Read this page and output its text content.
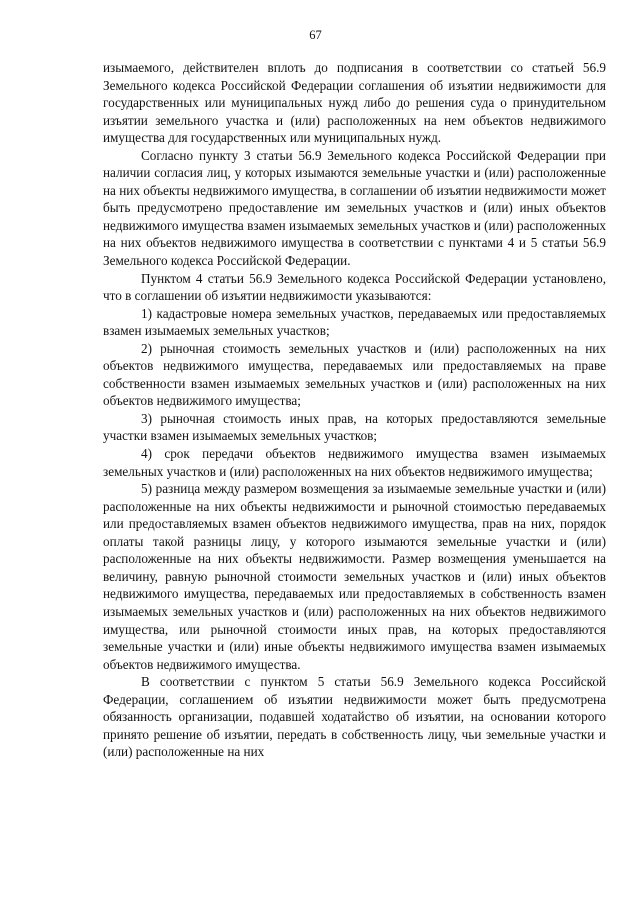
67

изымаемого, действителен вплоть до подписания в соответствии со статьей 56.9 Земельного кодекса Российской Федерации соглашения об изъятии недвижимости для государственных или муниципальных нужд либо до решения суда о принудительном изъятии земельного участка и (или) расположенных на нем объектов недвижимого имущества для государственных или муниципальных нужд.

Согласно пункту 3 статьи 56.9 Земельного кодекса Российской Федерации при наличии согласия лиц, у которых изымаются земельные участки и (или) расположенные на них объекты недвижимого имущества, в соглашении об изъятии недвижимости может быть предусмотрено предоставление им земельных участков и (или) иных объектов недвижимого имущества взамен изымаемых земельных участков и (или) расположенных на них объектов недвижимого имущества в соответствии с пунктами 4 и 5 статьи 56.9 Земельного кодекса Российской Федерации.

Пунктом 4 статьи 56.9 Земельного кодекса Российской Федерации установлено, что в соглашении об изъятии недвижимости указываются:

1) кадастровые номера земельных участков, передаваемых или предоставляемых взамен изымаемых земельных участков;

2) рыночная стоимость земельных участков и (или) расположенных на них объектов недвижимого имущества, передаваемых или предоставляемых на праве собственности взамен изымаемых земельных участков и (или) расположенных на них объектов недвижимого имущества;

3) рыночная стоимость иных прав, на которых предоставляются земельные участки взамен изымаемых земельных участков;

4) срок передачи объектов недвижимого имущества взамен изымаемых земельных участков и (или) расположенных на них объектов недвижимого имущества;

5) разница между размером возмещения за изымаемые земельные участки и (или) расположенные на них объекты недвижимости и рыночной стоимостью передаваемых или предоставляемых взамен объектов недвижимого имущества, прав на них, порядок оплаты такой разницы лицу, у которого изымаются земельные участки и (или) расположенные на них объекты недвижимости. Размер возмещения уменьшается на величину, равную рыночной стоимости земельных участков и (или) иных объектов недвижимого имущества, передаваемых или предоставляемых в собственность взамен изымаемых земельных участков и (или) расположенных на них объектов недвижимого имущества, или рыночной стоимости иных прав, на которых предоставляются земельные участки и (или) иные объекты недвижимого имущества взамен изымаемых объектов недвижимого имущества.

В соответствии с пунктом 5 статьи 56.9 Земельного кодекса Российской Федерации, соглашением об изъятии недвижимости может быть предусмотрена обязанность организации, подавшей ходатайство об изъятии, на основании которого принято решение об изъятии, передать в собственность лицу, чьи земельные участки и (или) расположенные на них
